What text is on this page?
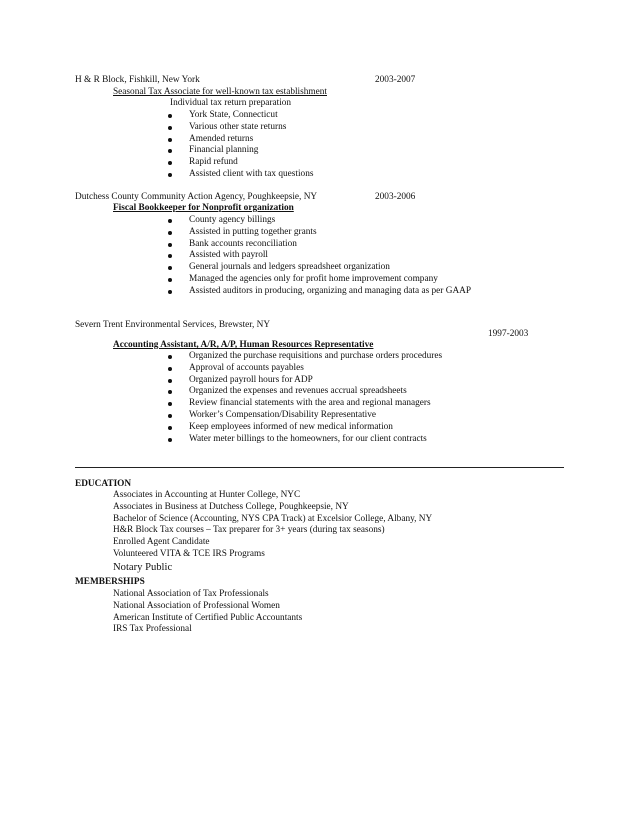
H & R Block, Fishkill, New York	2003-2007
Seasonal Tax Associate for well-known tax establishment
Individual tax return preparation
York State, Connecticut
Various other state returns
Amended returns
Financial planning
Rapid refund
Assisted client with tax questions
Dutchess County Community Action Agency, Poughkeepsie, NY	2003-2006
Fiscal Bookkeeper for Nonprofit organization
County agency billings
Assisted in putting together grants
Bank accounts reconciliation
Assisted with payroll
General journals and ledgers spreadsheet organization
Managed the agencies only for profit home improvement company
Assisted auditors in producing, organizing and managing data as per GAAP
Severn Trent Environmental Services, Brewster, NY
1997-2003
Accounting Assistant, A/R, A/P, Human Resources Representative
Organized the purchase requisitions and purchase orders procedures
Approval of accounts payables
Organized payroll hours for ADP
Organized the expenses and revenues accrual spreadsheets
Review financial statements with the area and regional managers
Worker’s Compensation/Disability Representative
Keep employees informed of new medical information
Water meter billings to the homeowners, for our client contracts
EDUCATION
Associates in Accounting at Hunter College, NYC
Associates in Business at Dutchess College, Poughkeepsie, NY
Bachelor of Science (Accounting, NYS CPA Track) at Excelsior College, Albany, NY
H&R Block Tax courses – Tax preparer for 3+ years (during tax seasons)
Enrolled Agent Candidate
Volunteered VITA & TCE IRS Programs
Notary Public
MEMBERSHIPS
National Association of Tax Professionals
National Association of Professional Women
American Institute of Certified Public Accountants
IRS Tax Professional
